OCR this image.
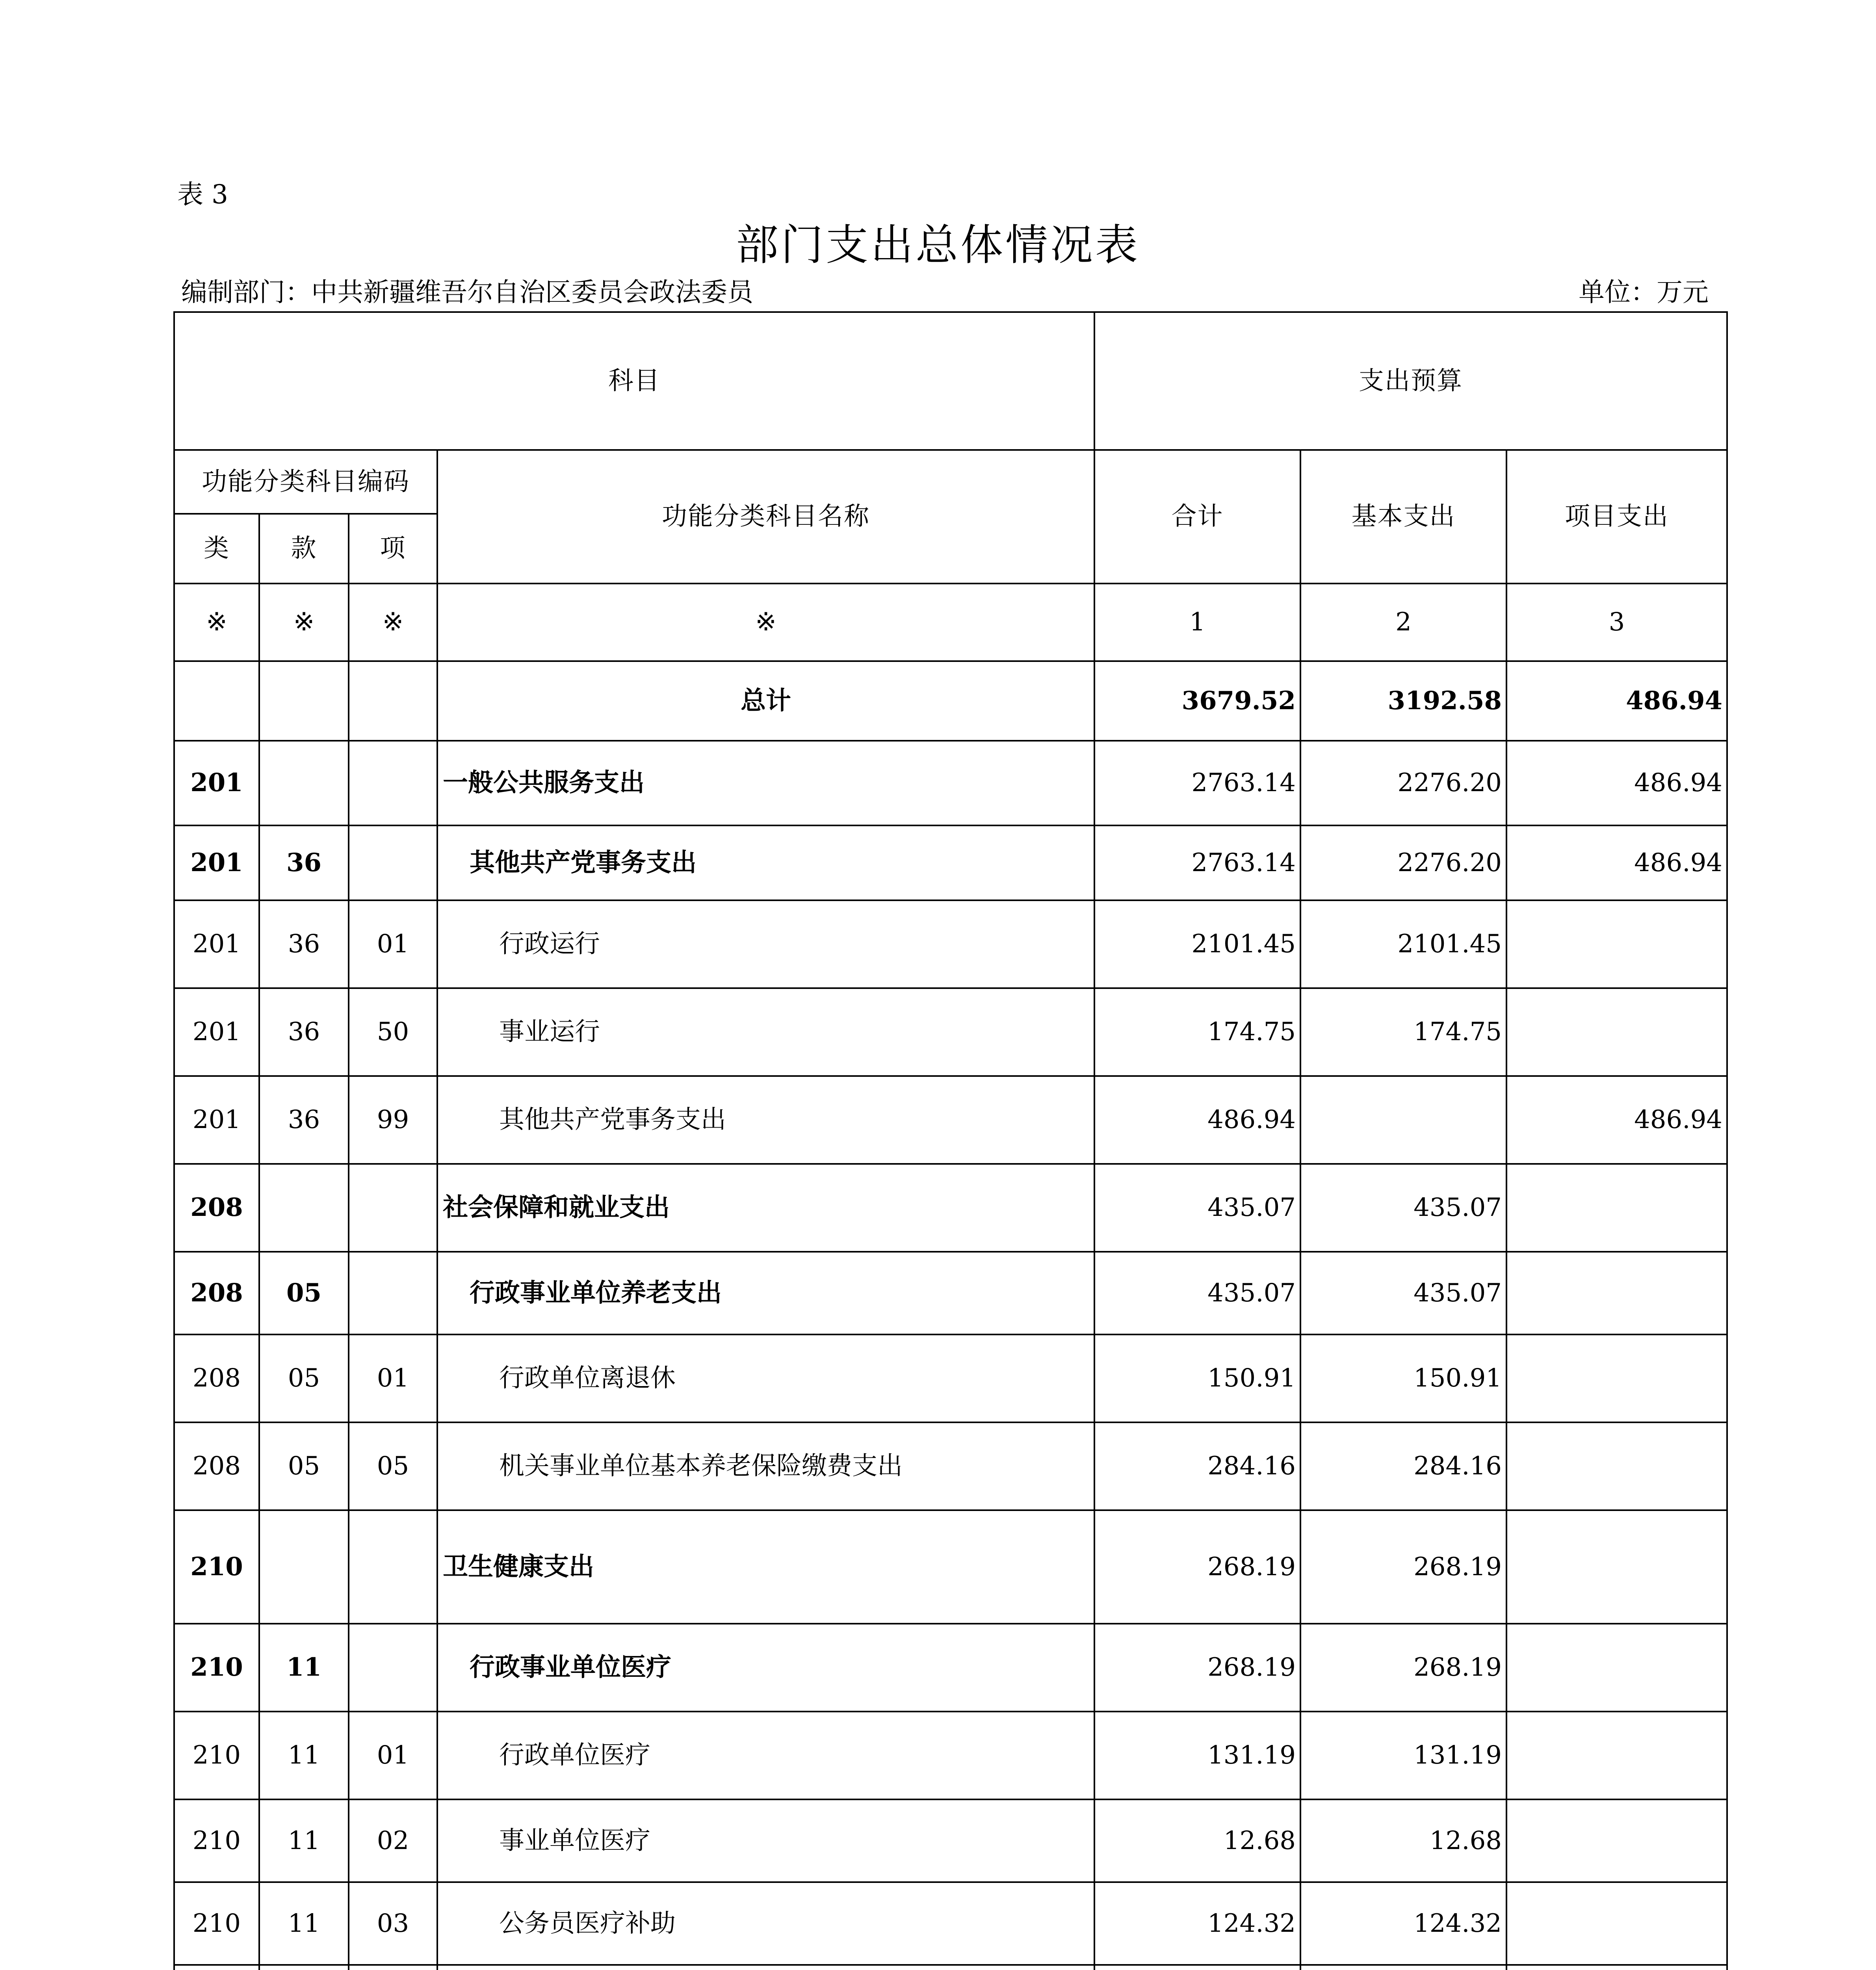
表 3
部门支出总体情况表
编制部门：中共新疆维吾尔自治区委员会政法委员	单位：万元
科目				支出预算		
功能分类科目编码			功能分类科目名称	合计	基本支出	项目支出
类	款	项				
※	※	※	※	1	2	3
			总计	3679.52	3192.58	486.94
201			一般公共服务支出	2763.14	2276.20	486.94
201	36		其他共产党事务支出	2763.14	2276.20	486.94
201	36	01	行政运行	2101.45	2101.45	
201	36	50	事业运行	174.75	174.75	
201	36	99	其他共产党事务支出	486.94		486.94
208			社会保障和就业支出	435.07	435.07	
208	05		行政事业单位养老支出	435.07	435.07	
208	05	01	行政单位离退休	150.91	150.91	
208	05	05	机关事业单位基本养老保险缴费支出	284.16	284.16	
210			卫生健康支出	268.19	268.19	
210	11		行政事业单位医疗	268.19	268.19	
210	11	01	行政单位医疗	131.19	131.19	
210	11	02	事业单位医疗	12.68	12.68	
210	11	03	公务员医疗补助	124.32	124.32	
